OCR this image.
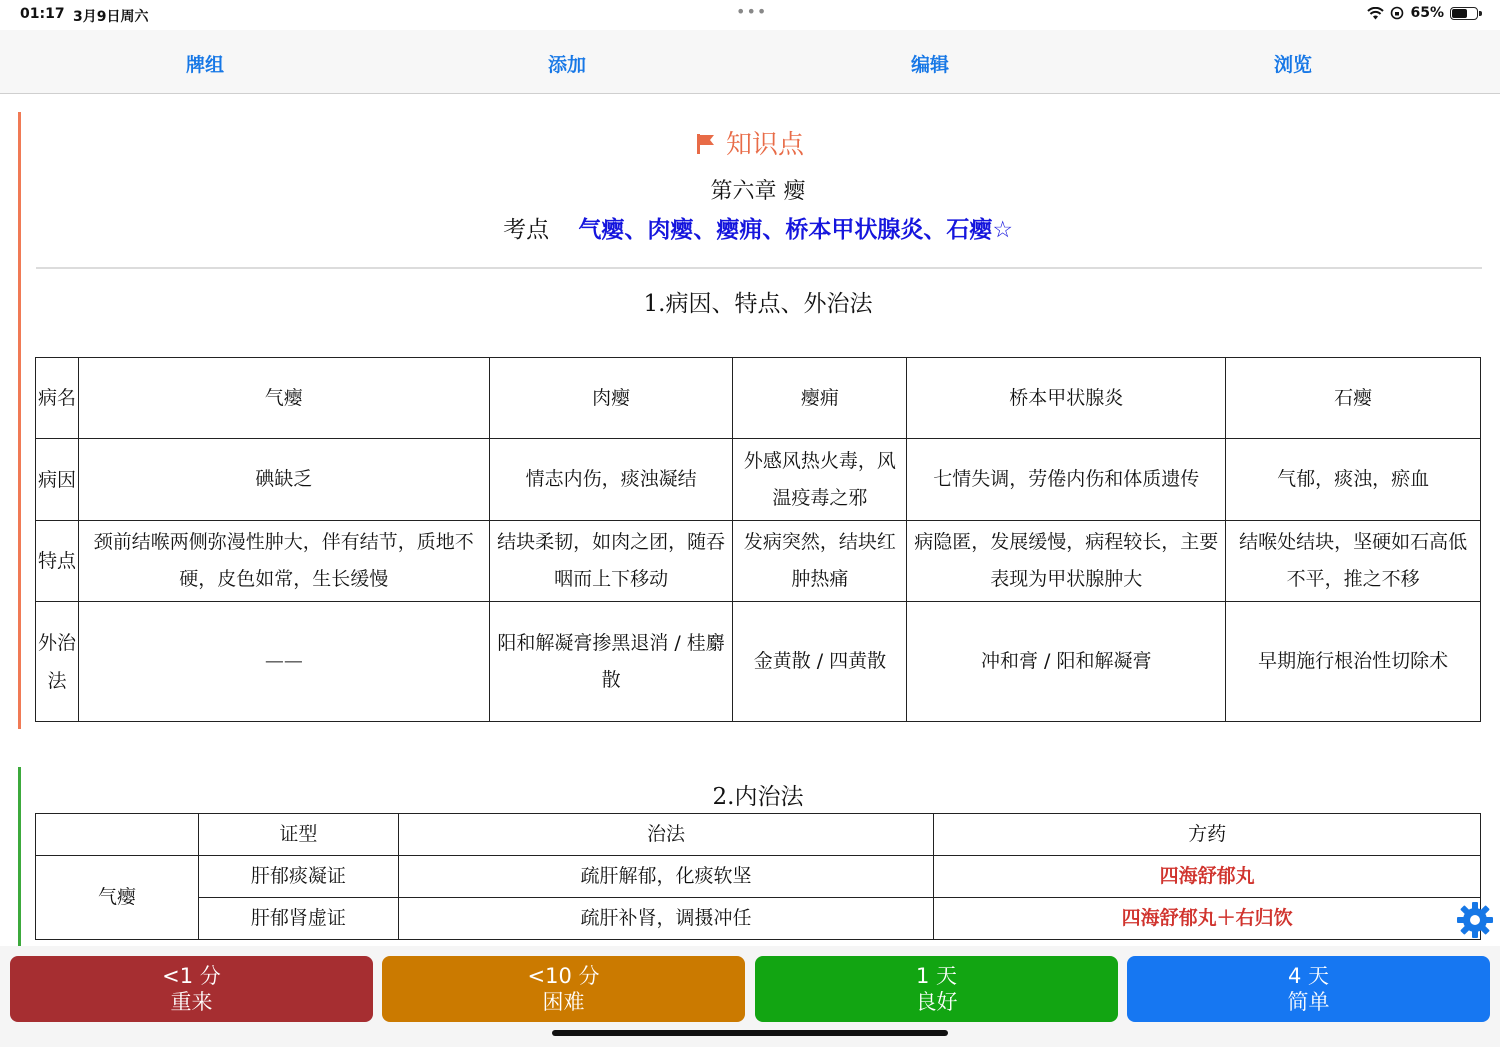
01:17 3月9日周六	•••	65%
牌组	添加	编辑	浏览
知识点
第六章 瘿
考点 气瘿、肉瘿、瘿痈、桥本甲状腺炎、石瘿☆
1.病因、特点、外治法
病名	气瘿	肉瘿	瘿痈	桥本甲状腺炎	石瘿
病因	碘缺乏	情志内伤，痰浊凝结	外感风热火毒，风温疫毒之邪	七情失调，劳倦内伤和体质遗传	气郁，痰浊，瘀血
特点	颈前结喉两侧弥漫性肿大，伴有结节，质地不硬，皮色如常，生长缓慢	结块柔韧，如肉之团，随吞咽而上下移动	发病突然，结块红肿热痛	病隐匿，发展缓慢，病程较长，主要表现为甲状腺肿大	结喉处结块，坚硬如石高低不平，推之不移
外治法	——	阳和解凝膏掺黑退消 / 桂麝散	金黄散 / 四黄散	冲和膏 / 阳和解凝膏	早期施行根治性切除术
2.内治法
	证型	治法	方药
气瘿	肝郁痰凝证	疏肝解郁，化痰软坚	四海舒郁丸
	肝郁肾虚证	疏肝补肾，调摄冲任	四海舒郁丸＋右归饮
<1 分
重来
<10 分
困难
1 天
良好
4 天
简单
